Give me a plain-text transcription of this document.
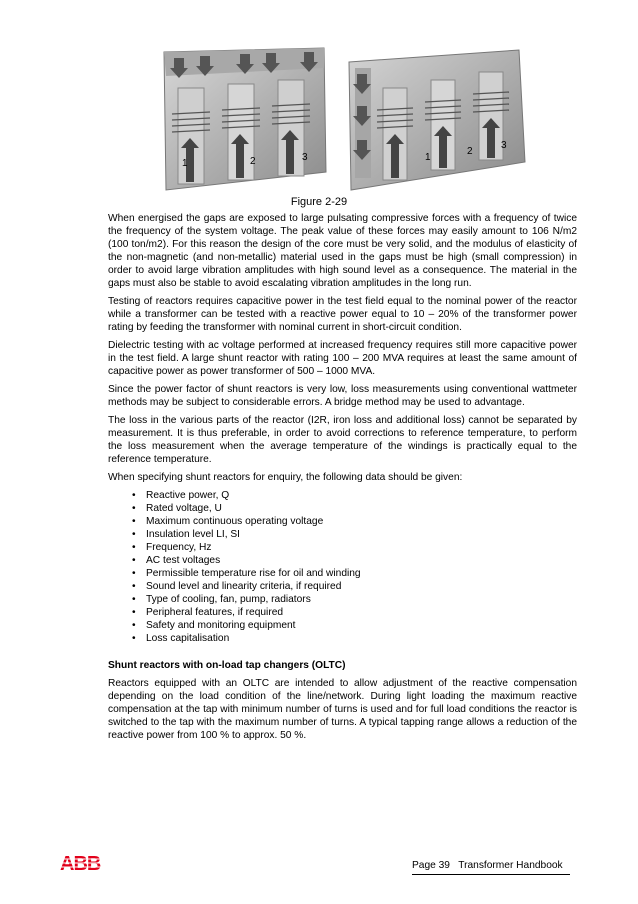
1	2	3	1
2
3
Figure 2-29

When energised the gaps are exposed to large pulsating compressive forces with a frequency of twice the frequency of the system voltage. The peak value of these forces may easily amount to 106 N/m2 (100 ton/m2). For this reason the design of the core must be very solid, and the modulus of elasticity of the non-magnetic (and non-metallic) material used in the gaps must be high (small compression) in order to avoid large vibration amplitudes with high sound level as a consequence. The material in the gaps must also be stable to avoid escalating vibration amplitudes in the long run.

Testing of reactors requires capacitive power in the test field equal to the nominal power of the reactor while a transformer can be tested with a reactive power equal to 10 – 20% of the transformer power rating by feeding the transformer with nominal current in short-circuit condition.

Dielectric testing with ac voltage performed at increased frequency requires still more capacitive power in the test field. A large shunt reactor with rating 100 – 200 MVA requires at least the same amount of capacitive power as power transformer of 500 – 1000 MVA.

Since the power factor of shunt reactors is very low, loss measurements using conventional wattmeter methods may be subject to considerable errors. A bridge method may be used to advantage.

The loss in the various parts of the reactor (I2R, iron loss and additional loss) cannot be separated by measurement. It is thus preferable, in order to avoid corrections to reference temperature, to perform the loss measurement when the average temperature of the windings is practically equal to the reference temperature.

When specifying shunt reactors for enquiry, the following data should be given:

• Reactive power, Q
• Rated voltage, U
• Maximum continuous operating voltage
• Insulation level LI, SI
• Frequency, Hz
• AC test voltages
• Permissible temperature rise for oil and winding
• Sound level and linearity criteria, if required
• Type of cooling, fan, pump, radiators
• Peripheral features, if required
• Safety and monitoring equipment
• Loss capitalisation
Shunt reactors with on-load tap changers (OLTC)

Reactors equipped with an OLTC are intended to allow adjustment of the reactive compensation depending on the load condition of the line/network. During light loading the maximum reactive compensation at the tap with minimum number of turns is used and for full load conditions the reactor is switched to the tap with the maximum number of turns. A typical tapping range allows a reduction of the reactive power from 100 % to approx. 50 %.

ABB	Page 39   Transformer Handbook
